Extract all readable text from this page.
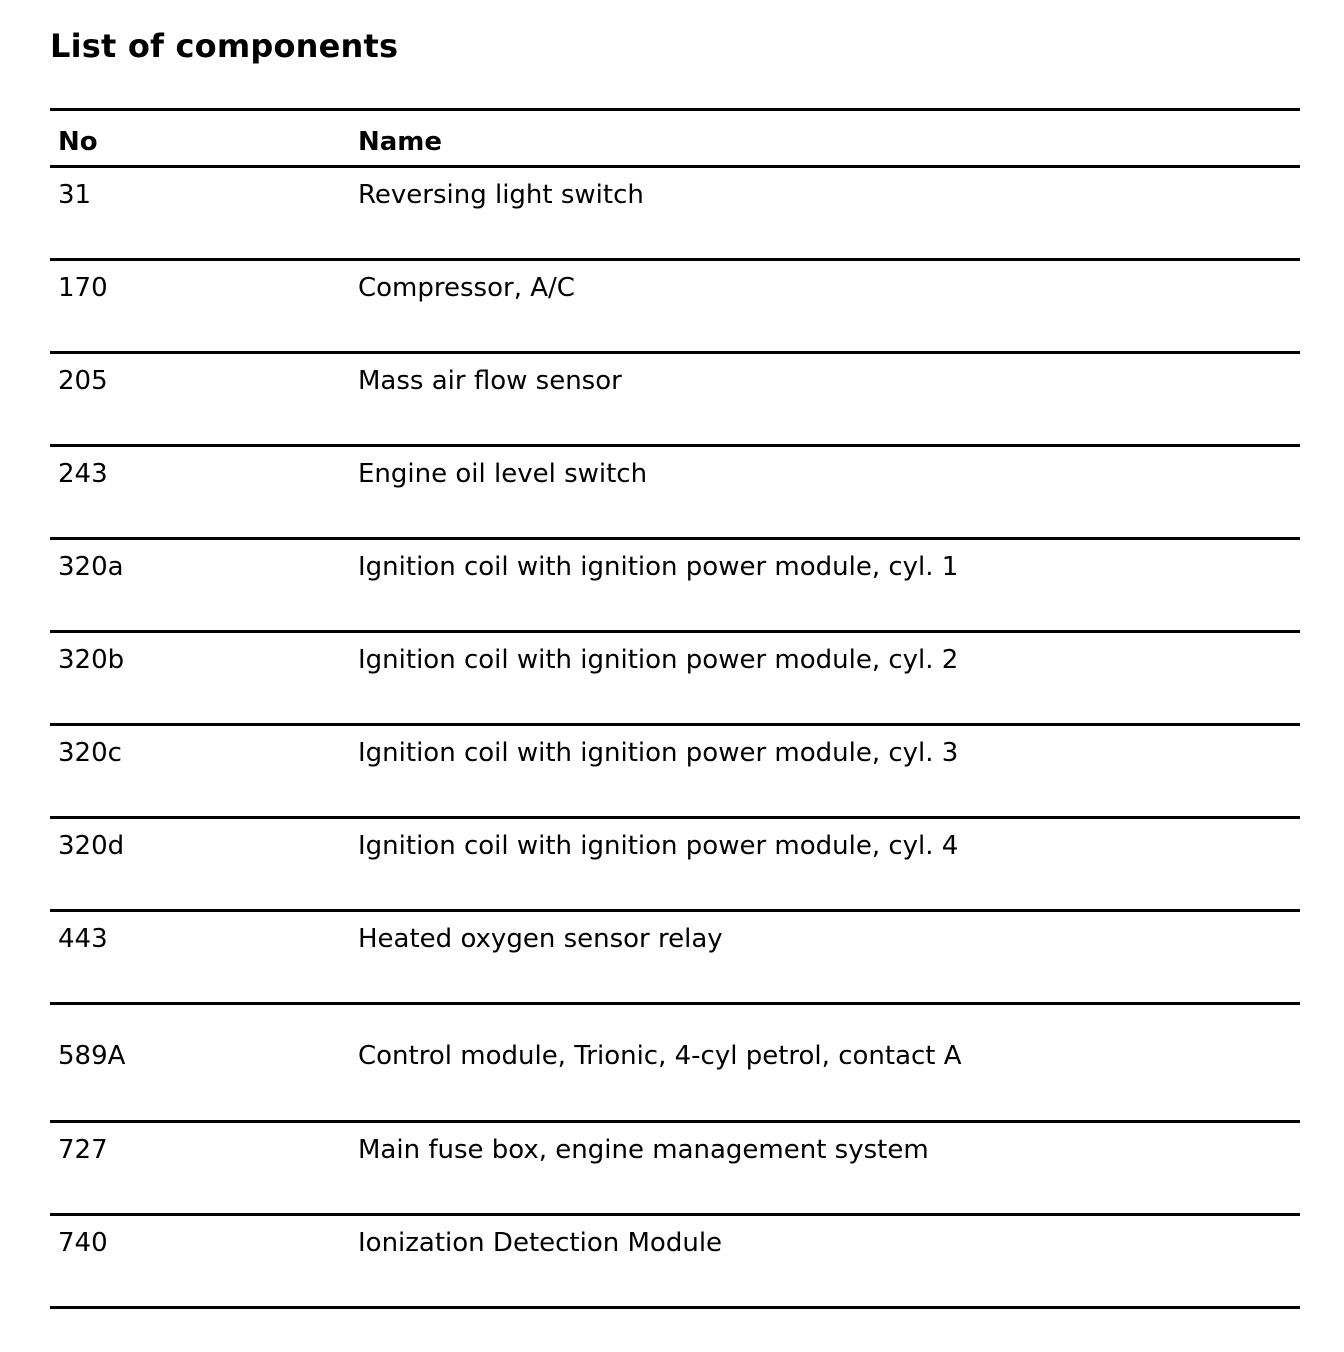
List of components
No	Name
31	Reversing light switch
170	Compressor, A/C
205	Mass air flow sensor
243	Engine oil level switch
320a	Ignition coil with ignition power module, cyl. 1
320b	Ignition coil with ignition power module, cyl. 2
320c	Ignition coil with ignition power module, cyl. 3
320d	Ignition coil with ignition power module, cyl. 4
443	Heated oxygen sensor relay
589A	Control module, Trionic, 4-cyl petrol, contact A
727	Main fuse box, engine management system
740	Ionization Detection Module
